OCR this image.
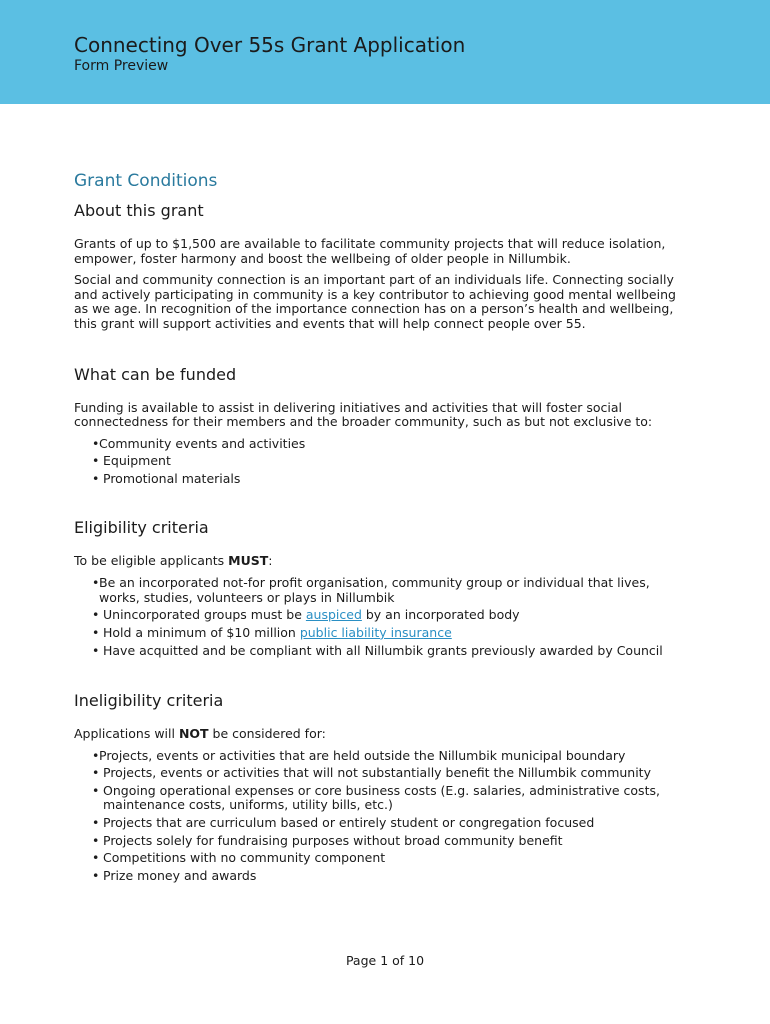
Connecting Over 55s Grant Application
Form Preview
Grant Conditions
About this grant

Grants of up to $1,500 are available to facilitate community projects that will reduce isolation, empower, foster harmony and boost the wellbeing of older people in Nillumbik.

Social and community connection is an important part of an individuals life. Connecting socially and actively participating in community is a key contributor to achieving good mental wellbeing as we age. In recognition of the importance connection has on a person’s health and wellbeing, this grant will support activities and events that will help connect people over 55.

What can be funded

Funding is available to assist in delivering initiatives and activities that will foster social connectedness for their members and the broader community, such as but not exclusive to:

• Community events and activities
• Equipment
• Promotional materials
Eligibility criteria

To be eligible applicants MUST:

• Be an incorporated not-for profit organisation, community group or individual that lives, works, studies, volunteers or plays in Nillumbik
• Unincorporated groups must be auspiced by an incorporated body
• Hold a minimum of $10 million public liability insurance
• Have acquitted and be compliant with all Nillumbik grants previously awarded by Council
Ineligibility criteria

Applications will NOT be considered for:

• Projects, events or activities that are held outside the Nillumbik municipal boundary
• Projects, events or activities that will not substantially benefit the Nillumbik community
• Ongoing operational expenses or core business costs (E.g. salaries, administrative costs, maintenance costs, uniforms, utility bills, etc.)
• Projects that are curriculum based or entirely student or congregation focused
• Projects solely for fundraising purposes without broad community benefit
• Competitions with no community component
• Prize money and awards
Page 1 of 10
